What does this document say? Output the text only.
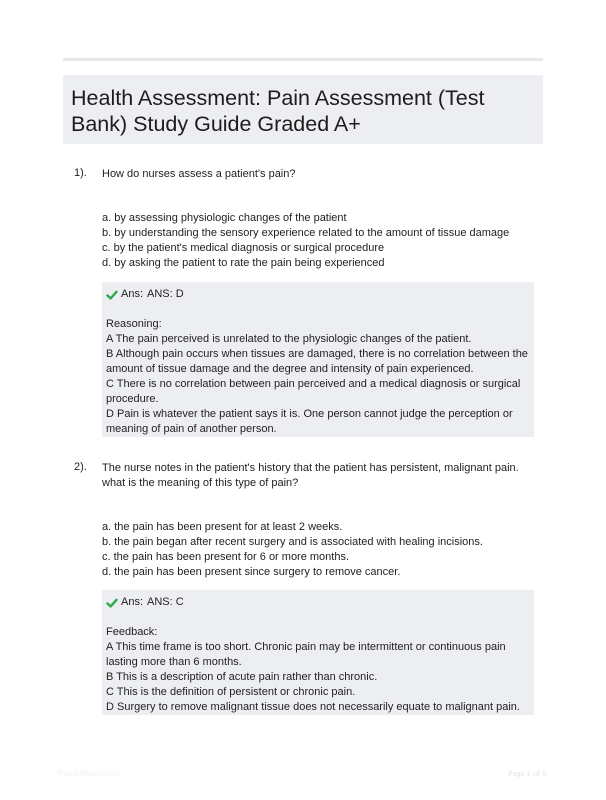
Health Assessment: Pain Assessment (Test Bank) Study Guide Graded A+
1). How do nurses assess a patient's pain?
a. by assessing physiologic changes of the patient
b. by understanding the sensory experience related to the amount of tissue damage
c. by the patient's medical diagnosis or surgical procedure
d. by asking the patient to rate the pain being experienced
Ans: ANS: D
Reasoning:
A The pain perceived is unrelated to the physiologic changes of the patient.
B Although pain occurs when tissues are damaged, there is no correlation between the
amount of tissue damage and the degree and intensity of pain experienced.
C There is no correlation between pain perceived and a medical diagnosis or surgical
procedure.
D Pain is whatever the patient says it is. One person cannot judge the perception or
meaning of pain of another person.
2). The nurse notes in the patient's history that the patient has persistent, malignant pain. what is the meaning of this type of pain?
a. the pain has been present for at least 2 weeks.
b. the pain began after recent surgery and is associated with healing incisions.
c. the pain has been present for 6 or more months.
d. the pain has been present since surgery to remove cancer.
Ans: ANS: C
Feedback:
A This time frame is too short. Chronic pain may be intermittent or continuous pain
lasting more than 6 months.
B This is a description of acute pain rather than chronic.
C This is the definition of persistent or chronic pain.
D Surgery to remove malignant tissue does not necessarily equate to malignant pain.
Paperilibrary.com	Page 1 of 8
